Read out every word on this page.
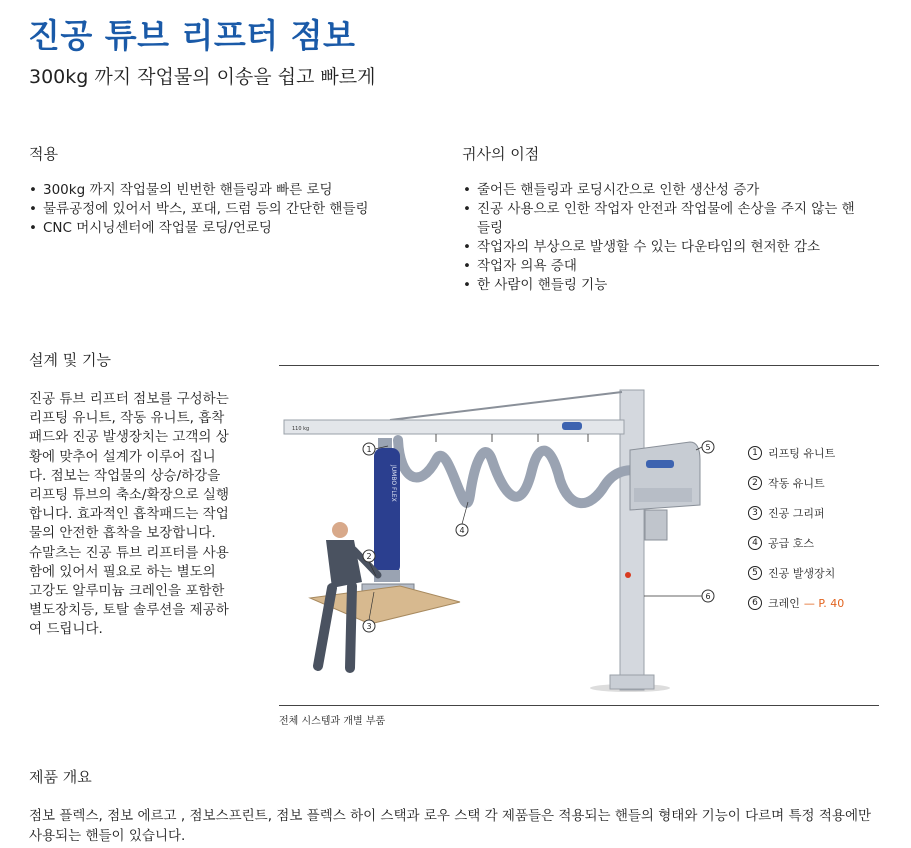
진공 튜브 리프터 점보
300kg 까지 작업물의 이송을 쉽고 빠르게
적용
• 300kg 까지 작업물의 빈번한 핸들링과 빠른 로딩
• 물류공정에 있어서 박스, 포대, 드럼 등의 간단한 핸들링
• CNC 머시닝센터에 작업물 로딩/언로딩
귀사의 이점
• 줄어든 핸들링과 로딩시간으로 인한 생산성 증가
• 진공 사용으로 인한 작업자 안전과 작업물에 손상을 주지 않는 핸들링
• 작업자의 부상으로 발생할 수 있는 다운타임의 현저한 감소
• 작업자 의욕 증대
• 한 사람이 핸들링 기능
설계 및 기능
진공 튜브 리프터 점보를 구성하는 리프팅 유니트, 작동 유니트, 흡착 패드와 진공 발생장치는 고객의 상황에 맞추어 설계가 이루어 집니다. 점보는 작업물의 상승/하강을 리프팅 튜브의 축소/확장으로 실행합니다. 효과적인 흡착패드는 작업물의 안전한 흡착을 보장합니다. 슈말츠는 진공 튜브 리프터를 사용함에 있어서 필요로 하는 별도의 고강도 알루미늄 크레인을 포함한 별도장치등, 토탈 솔루션을 제공하여 드립니다.
110 kg
JUMBO FLEX
1
2
3
4
5
6
1 리프팅 유니트
2 작동 유니트
3 진공 그리퍼
4 공급 호스
5 진공 발생장치
6 크레인 — P. 40
전체 시스템과 개별 부품
제품 개요
점보 플렉스, 점보 에르고 , 점보스프린트, 점보 플렉스 하이 스택과 로우 스택 각 제품들은 적용되는 핸들의 형태와 기능이 다르며 특정 적용에만 사용되는 핸들이 있습니다.
